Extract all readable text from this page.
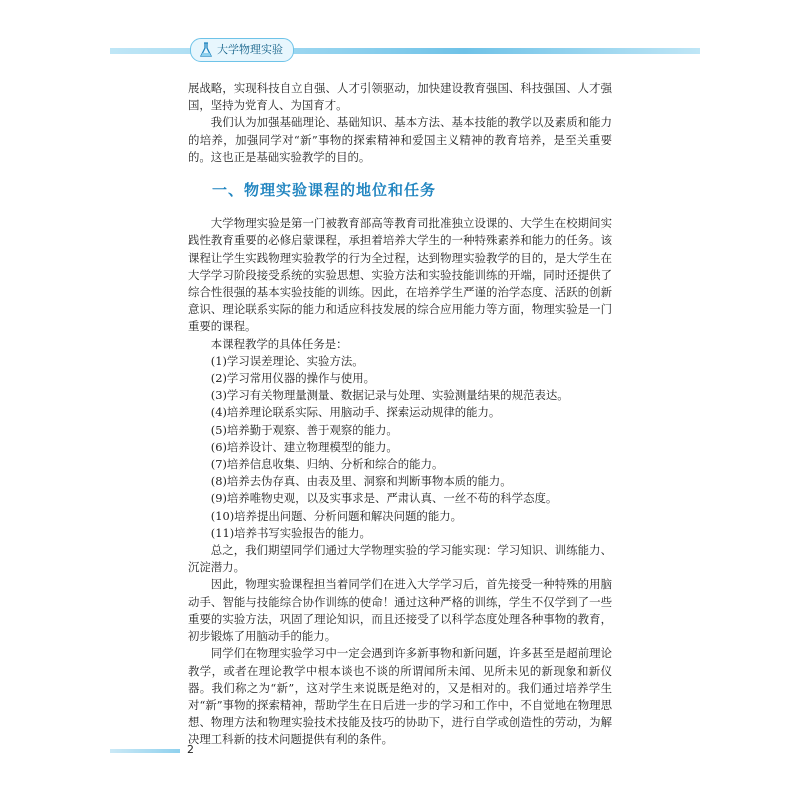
大学物理实验

展战略，实现科技自立自强、人才引领驱动，加快建设教育强国、科技强国、人才强国，坚持为党育人、为国育才。

我们认为加强基础理论、基础知识、基本方法、基本技能的教学以及素质和能力的培养，加强同学对“新”事物的探索精神和爱国主义精神的教育培养，是至关重要的。这也正是基础实验教学的目的。

一、物理实验课程的地位和任务

大学物理实验是第一门被教育部高等教育司批准独立设课的、大学生在校期间实践性教育重要的必修启蒙课程，承担着培养大学生的一种特殊素养和能力的任务。该课程让学生实践物理实验教学的行为全过程，达到物理实验教学的目的，是大学生在大学学习阶段接受系统的实验思想、实验方法和实验技能训练的开端，同时还提供了综合性很强的基本实验技能的训练。因此，在培养学生严谨的治学态度、活跃的创新意识、理论联系实际的能力和适应科技发展的综合应用能力等方面，物理实验是一门重要的课程。

本课程教学的具体任务是：

(1)学习误差理论、实验方法。

(2)学习常用仪器的操作与使用。

(3)学习有关物理量测量、数据记录与处理、实验测量结果的规范表达。

(4)培养理论联系实际、用脑动手、探索运动规律的能力。

(5)培养勤于观察、善于观察的能力。

(6)培养设计、建立物理模型的能力。

(7)培养信息收集、归纳、分析和综合的能力。

(8)培养去伪存真、由表及里、洞察和判断事物本质的能力。

(9)培养唯物史观，以及实事求是、严肃认真、一丝不苟的科学态度。

(10)培养提出问题、分析问题和解决问题的能力。

(11)培养书写实验报告的能力。

总之，我们期望同学们通过大学物理实验的学习能实现：学习知识、训练能力、沉淀潜力。

因此，物理实验课程担当着同学们在进入大学学习后，首先接受一种特殊的用脑动手、智能与技能综合协作训练的使命！通过这种严格的训练，学生不仅学到了一些重要的实验方法，巩固了理论知识，而且还接受了以科学态度处理各种事物的教育，初步锻炼了用脑动手的能力。

同学们在物理实验学习中一定会遇到许多新事物和新问题，许多甚至是超前理论教学，或者在理论教学中根本谈也不谈的所谓闻所未闻、见所未见的新现象和新仪器。我们称之为“新”，这对学生来说既是绝对的，又是相对的。我们通过培养学生对“新”事物的探索精神，帮助学生在日后进一步的学习和工作中，不自觉地在物理思想、物理方法和物理实验技术技能及技巧的协助下，进行自学或创造性的劳动，为解决理工科新的技术问题提供有利的条件。

2
